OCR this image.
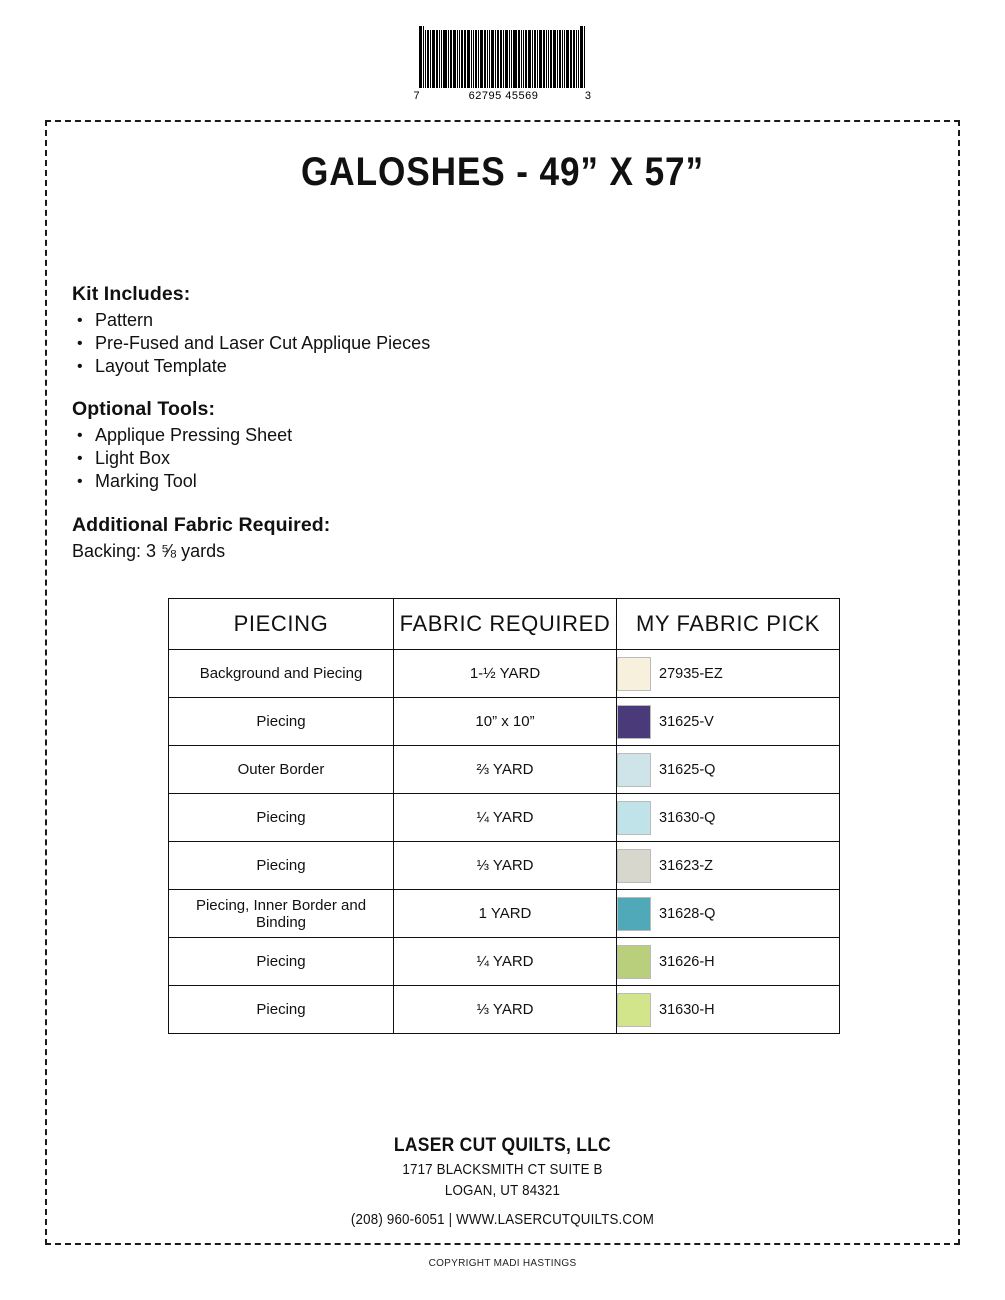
7	62795 45569	3
GALOSHES - 49” X 57”
Kit Includes:
• Pattern
• Pre-Fused and Laser Cut Applique Pieces
• Layout Template
Optional Tools:
• Applique Pressing Sheet
• Light Box
• Marking Tool
Additional Fabric Required:
Backing: 3 ⅝ yards
PIECING	FABRIC REQUIRED	MY FABRIC PICK
Background and Piecing	1-½ YARD	27935-EZ

Piecing	10” x 10”	31625-V

Outer Border	⅔ YARD	31625-Q

Piecing	¼ YARD	31630-Q

Piecing	⅓ YARD	31623-Z

Piecing, Inner Border and Binding	1 YARD	31628-Q

Piecing	¼ YARD	31626-H

Piecing	⅓ YARD	31630-H
LASER CUT QUILTS, LLC
1717 BLACKSMITH CT SUITE B
LOGAN, UT 84321
(208) 960-6051 | WWW.LASERCUTQUILTS.COM
COPYRIGHT MADI HASTINGS
